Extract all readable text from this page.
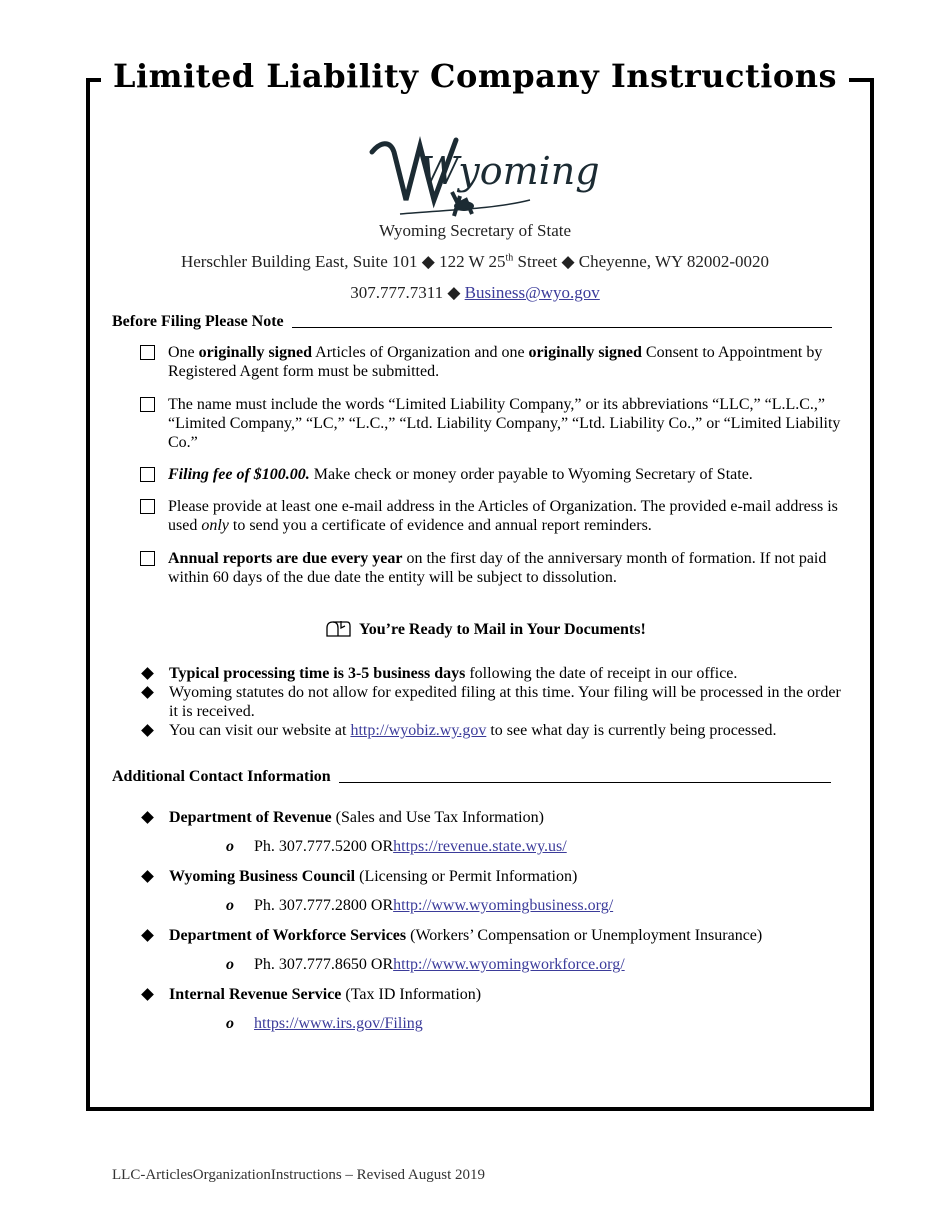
Limited Liability Company Instructions
Wyoming
Wyoming Secretary of State
Herschler Building East, Suite 101 ◆ 122 W 25th Street ◆ Cheyenne, WY 82002-0020
307.777.7311 ◆ Business@wyo.gov
Before Filing Please Note
One originally signed Articles of Organization and one originally signed Consent to Appointment by Registered Agent form must be submitted.
The name must include the words “Limited Liability Company,” or its abbreviations “LLC,” “L.L.C.,” “Limited Company,” “LC,” “L.C.,” “Ltd. Liability Company,” “Ltd. Liability Co.,” or “Limited Liability Co.”
Filing fee of $100.00. Make check or money order payable to Wyoming Secretary of State.
Please provide at least one e-mail address in the Articles of Organization. The provided e-mail address is used only to send you a certificate of evidence and annual report reminders.
Annual reports are due every year on the first day of the anniversary month of formation. If not paid within 60 days of the due date the entity will be subject to dissolution.
You’re Ready to Mail in Your Documents!
Typical processing time is 3-5 business days following the date of receipt in our office.
Wyoming statutes do not allow for expedited filing at this time. Your filing will be processed in the order it is received.
You can visit our website at http://wyobiz.wy.gov to see what day is currently being processed.
Additional Contact Information
Department of Revenue (Sales and Use Tax Information)
o	Ph. 307.777.5200 OR https://revenue.state.wy.us/
Wyoming Business Council (Licensing or Permit Information)
o	Ph. 307.777.2800 OR http://www.wyomingbusiness.org/
Department of Workforce Services (Workers’ Compensation or Unemployment Insurance)
o	Ph. 307.777.8650 OR http://www.wyomingworkforce.org/
Internal Revenue Service (Tax ID Information)
o	https://www.irs.gov/Filing
LLC-ArticlesOrganizationInstructions – Revised August 2019
